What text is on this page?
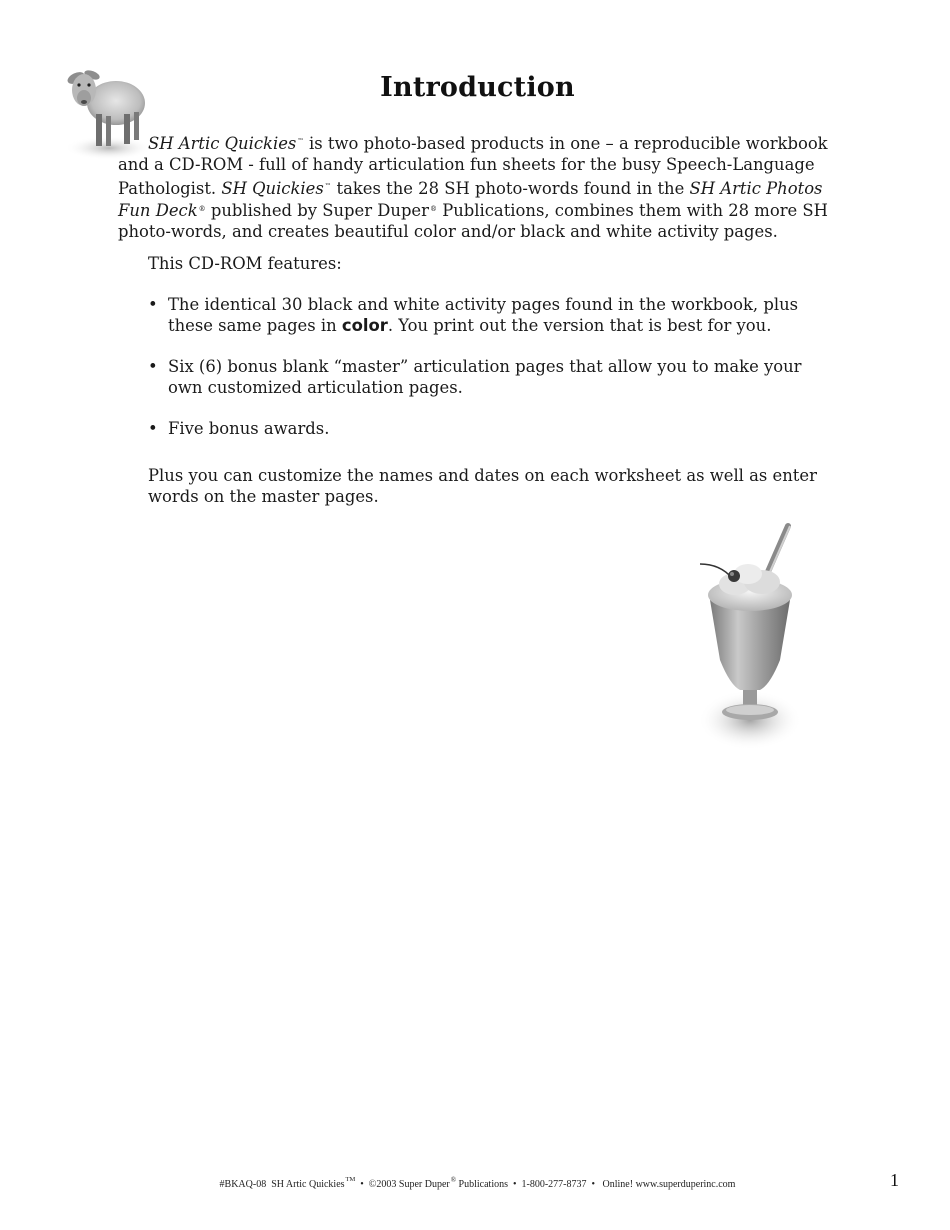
Introduction
SH Artic Quickies™ is two photo-based products in one – a reproducible workbook and a CD-ROM - full of handy articulation fun sheets for the busy Speech-Language Pathologist. SH Quickies™ takes the 28 SH photo-words found in the SH Artic Photos Fun Deck® published by Super Duper® Publications, combines them with 28 more SH photo-words, and creates beautiful color and/or black and white activity pages.
This CD-ROM features:
• The identical 30 black and white activity pages found in the workbook, plus these same pages in color. You print out the version that is best for you.
• Six (6) bonus blank “master” articulation pages that allow you to make your own customized articulation pages.
• Five bonus awards.
Plus you can customize the names and dates on each worksheet as well as enter words on the master pages.
#BKAQ-08 SH Artic Quickies™ • ©2003 Super Duper® Publications • 1-800-277-8737 • Online! www.superduperinc.com	1
